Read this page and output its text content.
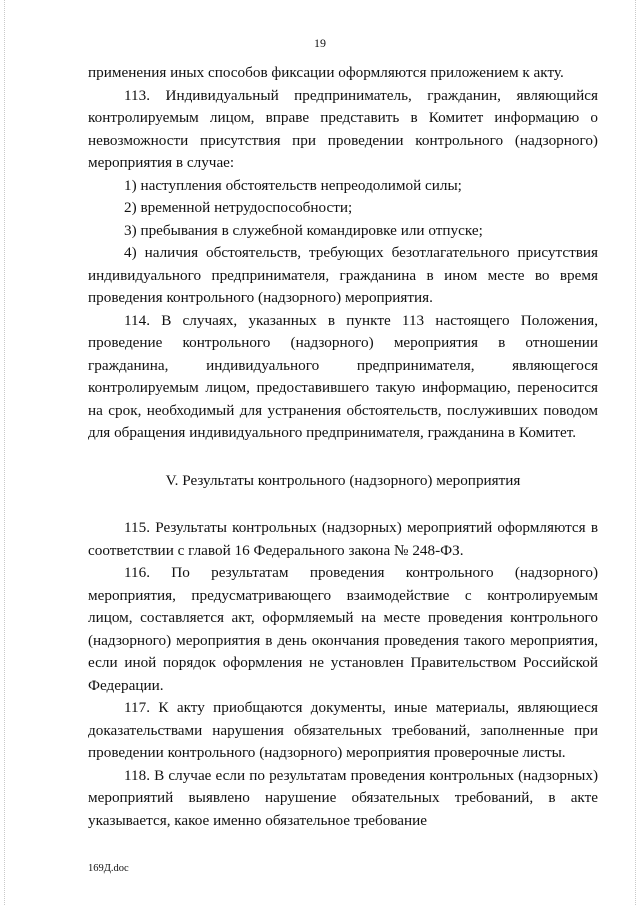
19

применения иных способов фиксации оформляются приложением к акту.

113. Индивидуальный предприниматель, гражданин, являющийся контролируемым лицом, вправе представить в Комитет информацию о невозможности присутствия при проведении контрольного (надзорного) мероприятия в случае:

1) наступления обстоятельств непреодолимой силы;

2) временной нетрудоспособности;

3) пребывания в служебной командировке или отпуске;

4) наличия обстоятельств, требующих безотлагательного присутствия индивидуального предпринимателя, гражданина в ином месте во время проведения контрольного (надзорного) мероприятия.

114. В случаях, указанных в пункте 113 настоящего Положения, проведение контрольного (надзорного) мероприятия в отношении гражданина, индивидуального предпринимателя, являющегося контролируемым лицом, предоставившего такую информацию, переносится на срок, необходимый для устранения обстоятельств, послуживших поводом для обращения индивидуального предпринимателя, гражданина в Комитет.

V. Результаты контрольного (надзорного) мероприятия

115. Результаты контрольных (надзорных) мероприятий оформляются в соответствии с главой 16 Федерального закона № 248-ФЗ.

116. По результатам проведения контрольного (надзорного) мероприятия, предусматривающего взаимодействие с контролируемым лицом, составляется акт, оформляемый на месте проведения контрольного (надзорного) мероприятия в день окончания проведения такого мероприятия, если иной порядок оформления не установлен Правительством Российской Федерации.

117. К акту приобщаются документы, иные материалы, являющиеся доказательствами нарушения обязательных требований, заполненные при проведении контрольного (надзорного) мероприятия проверочные листы.

118. В случае если по результатам проведения контрольных (надзорных) мероприятий выявлено нарушение обязательных требований, в акте указывается, какое именно обязательное требование

169Д.doc
